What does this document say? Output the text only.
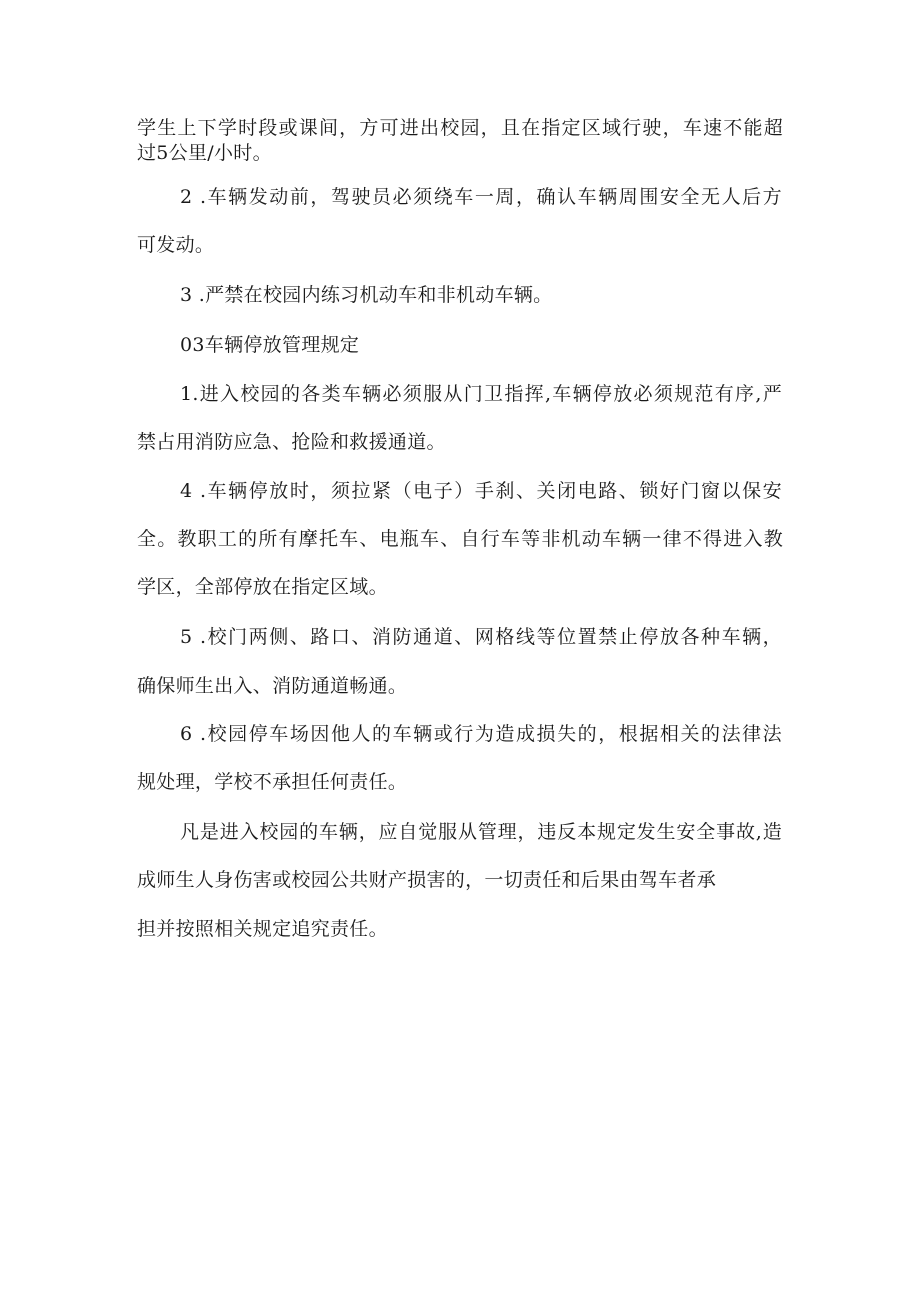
学生上下学时段或课间，方可进出校园，且在指定区域行驶，车速不能超
过5公里/小时。
2 .车辆发动前，驾驶员必须绕车一周，确认车辆周围安全无人后方
可发动。
3 .严禁在校园内练习机动车和非机动车辆。
03车辆停放管理规定
1.进入校园的各类车辆必须服从门卫指挥,车辆停放必须规范有序,严
禁占用消防应急、抢险和救援通道。
4 .车辆停放时，须拉紧（电子）手刹、关闭电路、锁好门窗以保安
全。教职工的所有摩托车、电瓶车、自行车等非机动车辆一律不得进入教
学区，全部停放在指定区域。
5 .校门两侧、路口、消防通道、网格线等位置禁止停放各种车辆，
确保师生出入、消防通道畅通。
6 .校园停车场因他人的车辆或行为造成损失的，根据相关的法律法
规处理，学校不承担任何责任。
凡是进入校园的车辆，应自觉服从管理，违反本规定发生安全事故,造
成师生人身伤害或校园公共财产损害的，一切责任和后果由驾车者承
担并按照相关规定追究责任。
